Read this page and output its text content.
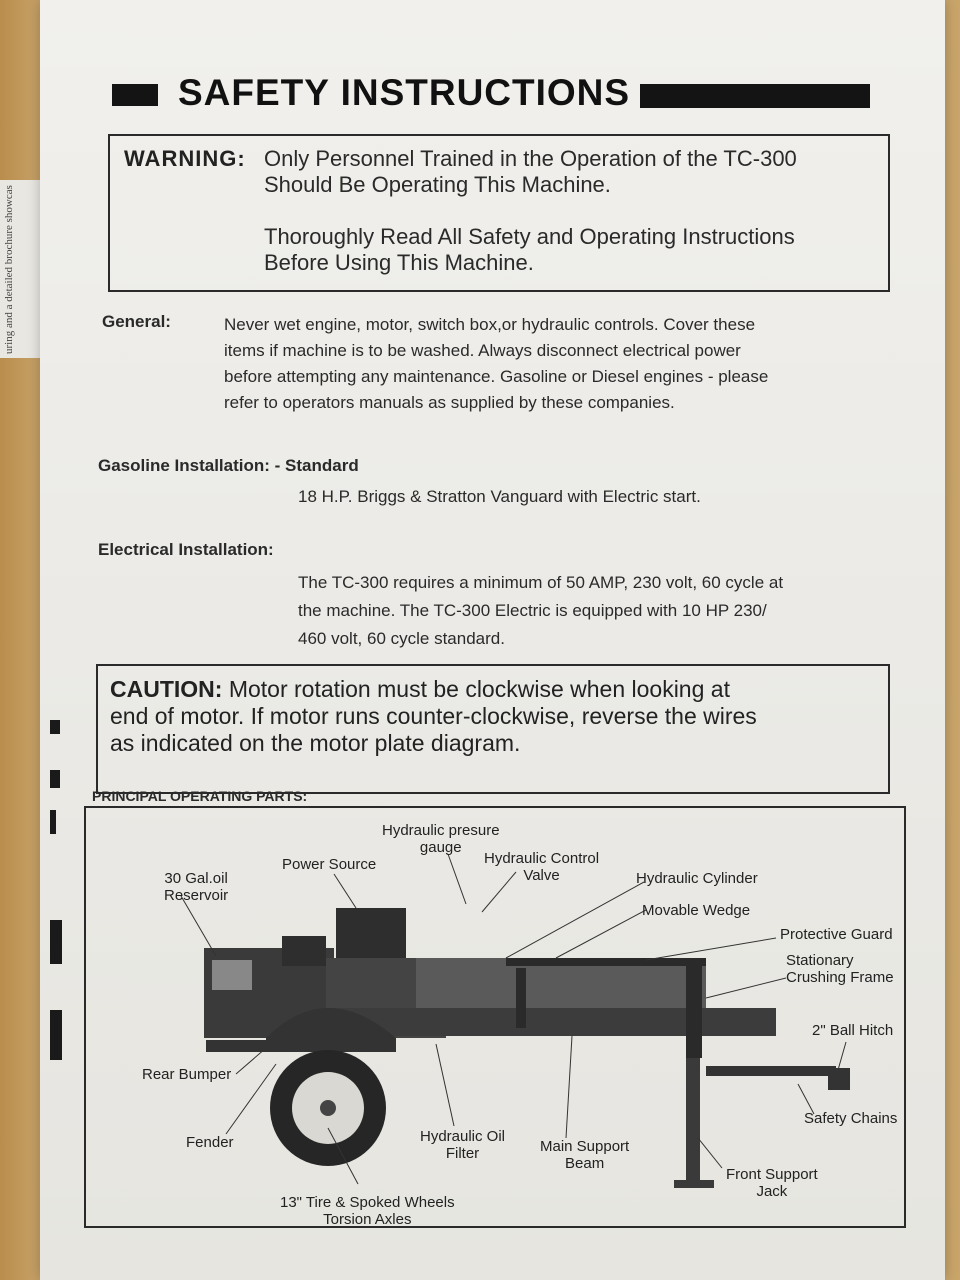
uring and a detailed brochure showcas
SAFETY INSTRUCTIONS
WARNING: Only Personnel Trained in the Operation of the TC-300
Should Be Operating This Machine.
Thoroughly Read All Safety and Operating Instructions
Before Using This Machine.
General:	Never wet engine, motor, switch box,or hydraulic controls. Cover these
items if machine is to be washed. Always disconnect electrical power
before attempting any maintenance. Gasoline or Diesel engines - please
refer to operators manuals as supplied by these companies.
Gasoline Installation: - Standard
18 H.P. Briggs & Stratton Vanguard with Electric start.
Electrical Installation:
The TC-300 requires a minimum of 50 AMP, 230 volt, 60 cycle at
the machine. The TC-300 Electric is equipped with 10 HP 230/
460 volt, 60 cycle standard.
CAUTION: Motor rotation must be clockwise when looking at
end of motor. If motor runs counter-clockwise, reverse the wires
as indicated on the motor plate diagram.
PRINCIPAL OPERATING PARTS:
Hydraulic presure
gauge
Hydraulic Control
Valve
Power Source
30 Gal.oil
Reservoir
Hydraulic Cylinder
Movable Wedge
Protective Guard
Stationary
Crushing Frame
2" Ball Hitch
Rear Bumper
Safety Chains
Fender	Hydraulic Oil
Filter	Main Support
Beam
Front Support
Jack
13" Tire & Spoked Wheels
Torsion Axles
